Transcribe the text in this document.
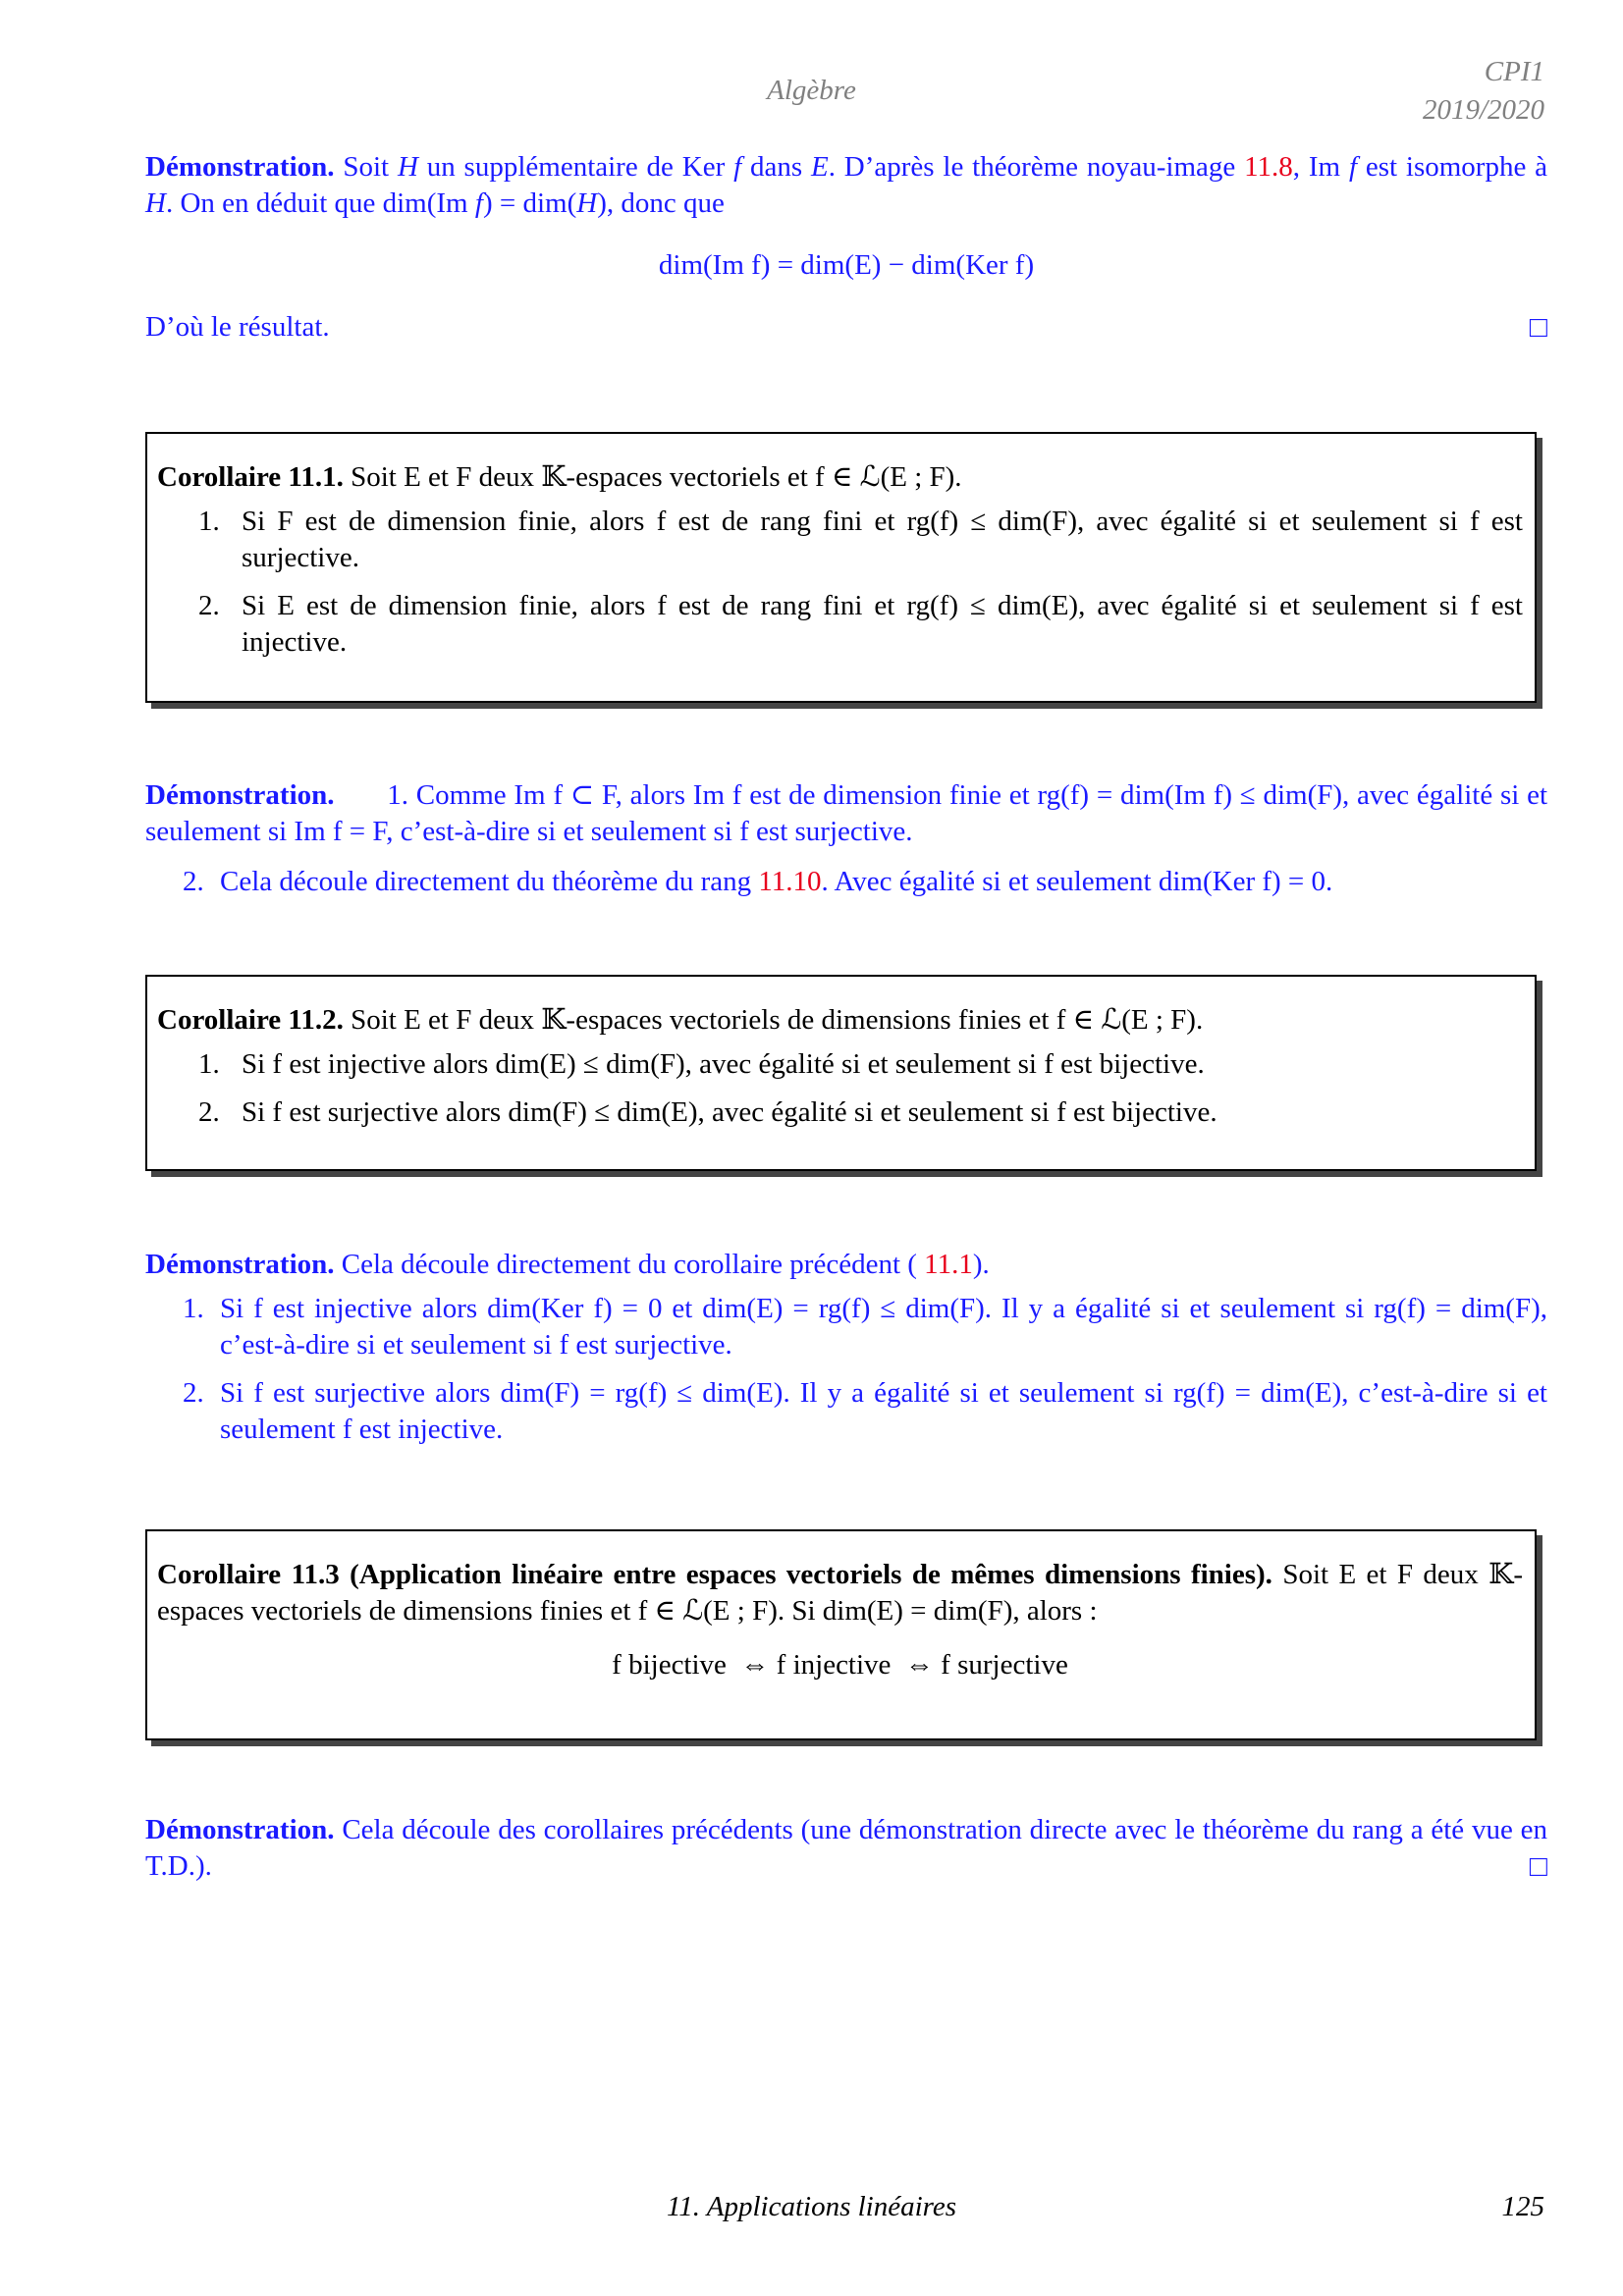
Algèbre
CPI1
2019/2020
Démonstration. Soit H un supplémentaire de Ker f dans E. D’après le théorème noyau-image 11.8, Im f est isomorphe à H. On en déduit que dim(Im f) = dim(H), donc que
dim(Im f) = dim(E) − dim(Ker f)
D’où le résultat.	□
Corollaire 11.1. Soit E et F deux 𝕂-espaces vectoriels et f ∈ ℒ(E ; F).
1. Si F est de dimension finie, alors f est de rang fini et rg(f) ≤ dim(F), avec égalité si et seulement si f est surjective.
2. Si E est de dimension finie, alors f est de rang fini et rg(f) ≤ dim(E), avec égalité si et seulement si f est injective.
Démonstration. 1. Comme Im f ⊂ F, alors Im f est de dimension finie et rg(f) = dim(Im f) ≤ dim(F), avec égalité si et seulement si Im f = F, c’est-à-dire si et seulement si f est surjective.
2. Cela découle directement du théorème du rang 11.10. Avec égalité si et seulement dim(Ker f) = 0.
Corollaire 11.2. Soit E et F deux 𝕂-espaces vectoriels de dimensions finies et f ∈ ℒ(E ; F).
1. Si f est injective alors dim(E) ≤ dim(F), avec égalité si et seulement si f est bijective.
2. Si f est surjective alors dim(F) ≤ dim(E), avec égalité si et seulement si f est bijective.
Démonstration. Cela découle directement du corollaire précédent ( 11.1).
1. Si f est injective alors dim(Ker f) = 0 et dim(E) = rg(f) ≤ dim(F). Il y a égalité si et seulement si rg(f) = dim(F), c’est-à-dire si et seulement si f est surjective.
2. Si f est surjective alors dim(F) = rg(f) ≤ dim(E). Il y a égalité si et seulement si rg(f) = dim(E), c’est-à-dire si et seulement f est injective.
Corollaire 11.3 (Application linéaire entre espaces vectoriels de mêmes dimensions finies). Soit E et F deux 𝕂-espaces vectoriels de dimensions finies et f ∈ ℒ(E ; F). Si dim(E) = dim(F), alors :
f bijective  ⇔ f injective  ⇔ f surjective
Démonstration. Cela découle des corollaires précédents (une démonstration directe avec le théorème du rang a été vue en T.D.).	□
11. Applications linéaires	125
